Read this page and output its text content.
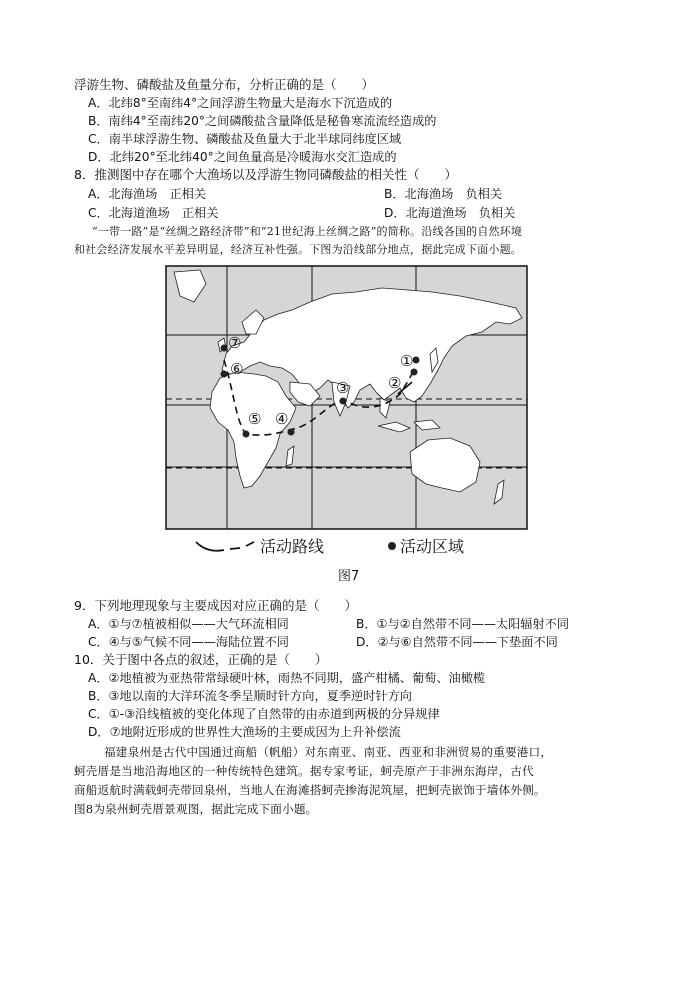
浮游生物、磷酸盐及鱼量分布，分析正确的是（　　）
A．北纬8°至南纬4°之间浮游生物量大是海水下沉造成的
B．南纬4°至南纬20°之间磷酸盐含量降低是秘鲁寒流流经造成的
C．南半球浮游生物、磷酸盐及鱼量大于北半球同纬度区域
D．北纬20°至北纬40°之间鱼量高是冷暖海水交汇造成的
8．推测图中存在哪个大渔场以及浮游生物同磷酸盐的相关性（　　）
A．北海渔场　正相关	B．北海渔场　负相关
C．北海道渔场　正相关	D．北海道渔场　负相关
“一带一路”是“丝绸之路经济带”和“21世纪海上丝绸之路”的简称。沿线各国的自然环境
和社会经济发展水平差异明显，经济互补性强。下图为沿线部分地点，据此完成下面小题。
①
②
③
④
⑤
⑥
⑦
活动路线	活动区域
图7
9．下列地理现象与主要成因对应正确的是（　　）
A．①与⑦植被相似——大气环流相同	B．①与②自然带不同——太阳辐射不同
C．④与⑤气候不同——海陆位置不同	D．②与⑥自然带不同——下垫面不同
10．关于图中各点的叙述，正确的是（　　）
A．②地植被为亚热带常绿硬叶林，雨热不同期，盛产柑橘、葡萄、油橄榄
B．③地以南的大洋环流冬季呈顺时针方向，夏季逆时针方向
C．①-③沿线植被的变化体现了自然带的由赤道到两极的分异规律
D．⑦地附近形成的世界性大渔场的主要成因为上升补偿流
福建泉州是古代中国通过商船（帆船）对东南亚、南亚、西亚和非洲贸易的重要港口，
蚵壳厝是当地沿海地区的一种传统特色建筑。据专家考证，蚵壳原产于非洲东海岸，古代
商船返航时满载蚵壳带回泉州，当地人在海滩搭蚵壳掺海泥筑屋，把蚵壳嵌饰于墙体外侧。
图8为泉州蚵壳厝景观图，据此完成下面小题。
